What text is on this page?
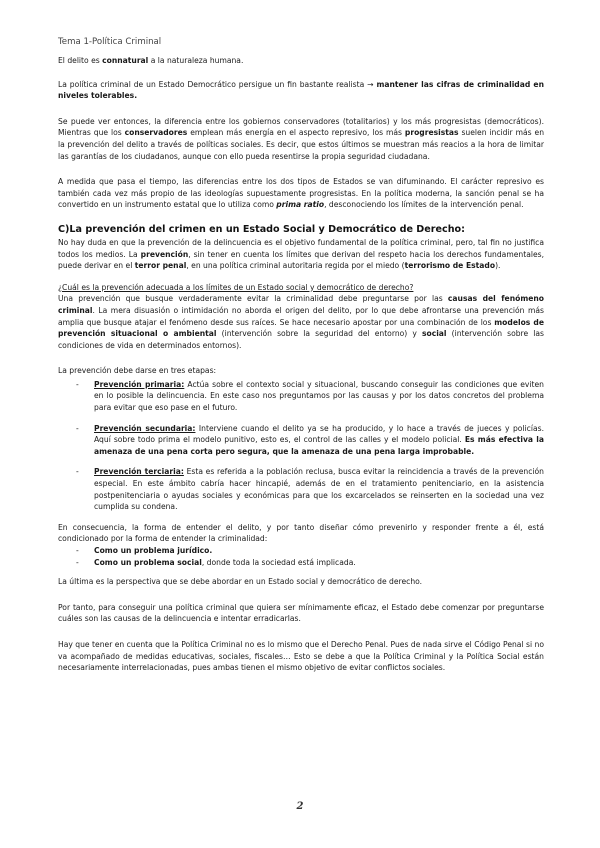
Tema 1-Política Criminal

El delito es connatural a la naturaleza humana.

La política criminal de un Estado Democrático persigue un fin bastante realista → mantener las cifras de criminalidad en niveles tolerables.

Se puede ver entonces, la diferencia entre los gobiernos conservadores (totalitarios) y los más progresistas (democráticos). Mientras que los conservadores emplean más energía en el aspecto represivo, los más progresistas suelen incidir más en la prevención del delito a través de políticas sociales. Es decir, que estos últimos se muestran más reacios a la hora de limitar las garantías de los ciudadanos, aunque con ello pueda resentirse la propia seguridad ciudadana.

A medida que pasa el tiempo, las diferencias entre los dos tipos de Estados se van difuminando. El carácter represivo es también cada vez más propio de las ideologías supuestamente progresistas. En la política moderna, la sanción penal se ha convertido en un instrumento estatal que lo utiliza como prima ratio, desconociendo los límites de la intervención penal.

C)La prevención del crimen en un Estado Social y Democrático de Derecho:

No hay duda en que la prevención de la delincuencia es el objetivo fundamental de la política criminal, pero, tal fin no justifica todos los medios. La prevención, sin tener en cuenta los límites que derivan del respeto hacia los derechos fundamentales, puede derivar en el terror penal, en una política criminal autoritaria regida por el miedo (terrorismo de Estado).

¿Cuál es la prevención adecuada a los límites de un Estado social y democrático de derecho?

Una prevención que busque verdaderamente evitar la criminalidad debe preguntarse por las causas del fenómeno criminal. La mera disuasión o intimidación no aborda el origen del delito, por lo que debe afrontarse una prevención más amplia que busque atajar el fenómeno desde sus raíces. Se hace necesario apostar por una combinación de los modelos de prevención situacional o ambiental (intervención sobre la seguridad del entorno) y social (intervención sobre las condiciones de vida en determinados entornos).

La prevención debe darse en tres etapas:

- Prevención primaria: Actúa sobre el contexto social y situacional, buscando conseguir las condiciones que eviten en lo posible la delincuencia. En este caso nos preguntamos por las causas y por los datos concretos del problema para evitar que eso pase en el futuro.
- Prevención secundaria: Interviene cuando el delito ya se ha producido, y lo hace a través de jueces y policías. Aquí sobre todo prima el modelo punitivo, esto es, el control de las calles y el modelo policial. Es más efectiva la amenaza de una pena corta pero segura, que la amenaza de una pena larga improbable.
- Prevención terciaria: Esta es referida a la población reclusa, busca evitar la reincidencia a través de la prevención especial. En este ámbito cabría hacer hincapié, además de en el tratamiento penitenciario, en la asistencia postpenitenciaria o ayudas sociales y económicas para que los excarcelados se reinserten en la sociedad una vez cumplida su condena.

En consecuencia, la forma de entender el delito, y por tanto diseñar cómo prevenirlo y responder frente a él, está condicionado por la forma de entender la criminalidad:

- Como un problema jurídico.
- Como un problema social, donde toda la sociedad está implicada.

La última es la perspectiva que se debe abordar en un Estado social y democrático de derecho.

Por tanto, para conseguir una política criminal que quiera ser mínimamente eficaz, el Estado debe comenzar por preguntarse cuáles son las causas de la delincuencia e intentar erradicarlas.

Hay que tener en cuenta que la Política Criminal no es lo mismo que el Derecho Penal. Pues de nada sirve el Código Penal si no va acompañado de medidas educativas, sociales, fiscales… Esto se debe a que la Política Criminal y la Política Social están necesariamente interrelacionadas, pues ambas tienen el mismo objetivo de evitar conflictos sociales.

2
